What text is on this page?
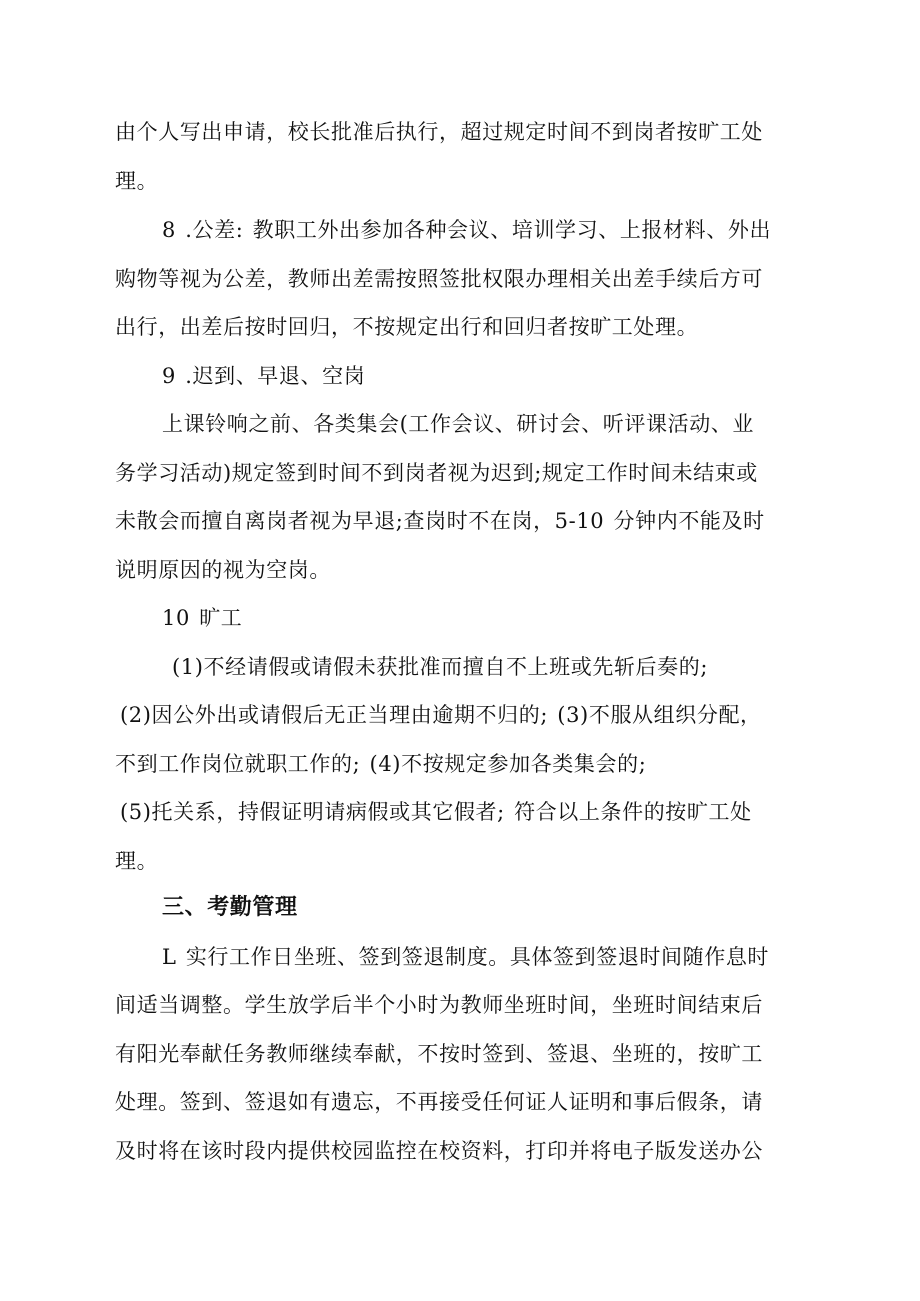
由个人写出申请，校长批准后执行，超过规定时间不到岗者按旷工处
理。
8 .公差: 教职工外出参加各种会议、培训学习、上报材料、外出
购物等视为公差，教师出差需按照签批权限办理相关出差手续后方可
出行，出差后按时回归，不按规定出行和回归者按旷工处理。
9 .迟到、早退、空岗
上课铃响之前、各类集会(工作会议、研讨会、听评课活动、业
务学习活动)规定签到时间不到岗者视为迟到;规定工作时间未结束或
未散会而擅自离岗者视为早退;查岗时不在岗，5-10 分钟内不能及时
说明原因的视为空岗。
10 旷工
(1)不经请假或请假未获批准而擅自不上班或先斩后奏的;
(2)因公外出或请假后无正当理由逾期不归的; (3)不服从组织分配，
不到工作岗位就职工作的; (4)不按规定参加各类集会的;
(5)托关系，持假证明请病假或其它假者; 符合以上条件的按旷工处
理。
三、考勤管理
L 实行工作日坐班、签到签退制度。具体签到签退时间随作息时
间适当调整。学生放学后半个小时为教师坐班时间，坐班时间结束后
有阳光奉献任务教师继续奉献，不按时签到、签退、坐班的，按旷工
处理。签到、签退如有遗忘，不再接受任何证人证明和事后假条，请
及时将在该时段内提供校园监控在校资料，打印并将电子版发送办公
